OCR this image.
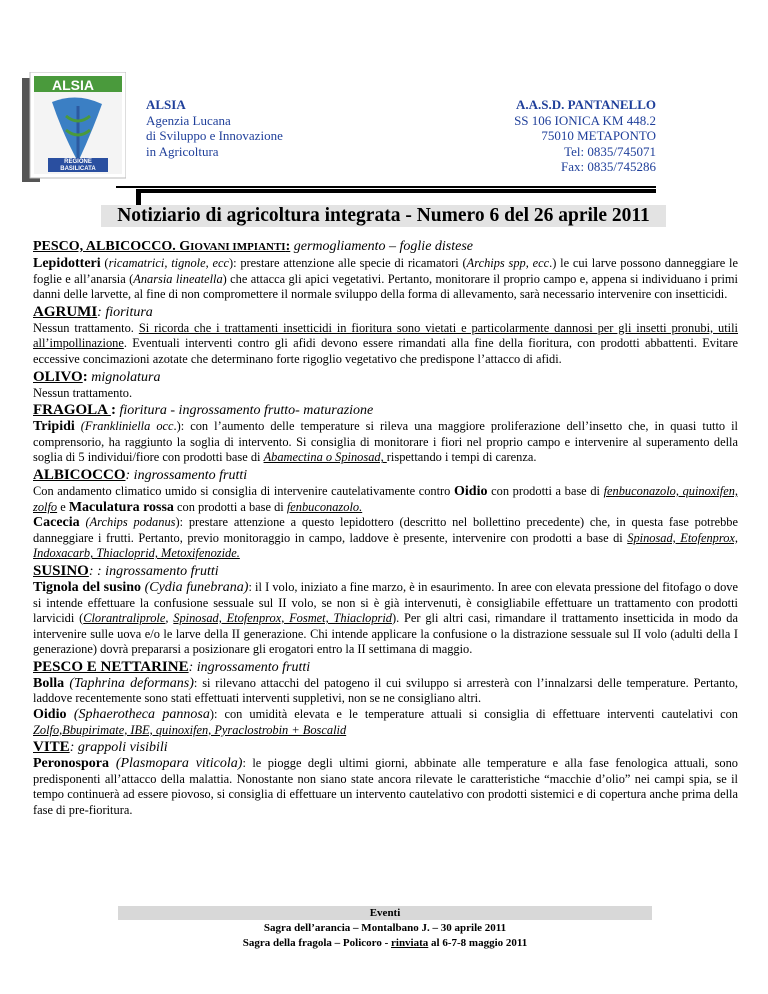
ALSIA
REGIONE BASILICATA
ALSIA
Agenzia Lucana
di Sviluppo e Innovazione
in Agricoltura
A.A.S.D. PANTANELLO
SS 106 IONICA KM 448.2
75010 METAPONTO
Tel: 0835/745071
Fax: 0835/745286
Notiziario di agricoltura integrata - Numero 6 del 26 aprile 2011

PESCO, ALBICOCCO. GIOVANI IMPIANTI: germogliamento – foglie distese

Lepidotteri (ricamatrici, tignole, ecc): prestare attenzione alle specie di ricamatori (Archips spp, ecc.) le cui larve possono danneggiare le foglie e all’anarsia (Anarsia lineatella) che attacca gli apici vegetativi. Pertanto, monitorare il proprio campo e, appena si individuano i primi danni delle larvette, al fine di non compromettere il normale sviluppo della forma di allevamento, sarà necessario intervenire con insetticidi.

AGRUMI: fioritura

Nessun trattamento. Si ricorda che i trattamenti insetticidi in fioritura sono vietati e particolarmente dannosi per gli insetti pronubi, utili all’impollinazione. Eventuali interventi contro gli afidi devono essere rimandati alla fine della fioritura, con prodotti abbattenti. Evitare eccessive concimazioni azotate che determinano forte rigoglio vegetativo che predispone l’attacco di afidi.

OLIVO: mignolatura

Nessun trattamento.

FRAGOLA : fioritura - ingrossamento frutto- maturazione

Tripidi (Frankliniella occ.): con l’aumento delle temperature si rileva una maggiore proliferazione dell’insetto che, in quasi tutto il comprensorio, ha raggiunto la soglia di intervento. Si consiglia di monitorare i fiori nel proprio campo e intervenire al superamento della soglia di 5 individui/fiore con prodotti base di Abamectina o Spinosad, rispettando i tempi di carenza.

ALBICOCCO: ingrossamento frutti

Con andamento climatico umido si consiglia di intervenire cautelativamente contro Oidio con prodotti a base di fenbuconazolo, quinoxifen, zolfo e Maculatura rossa con prodotti a base di fenbuconazolo.

Cacecia (Archips podanus): prestare attenzione a questo lepidottero (descritto nel bollettino precedente) che, in questa fase potrebbe danneggiare i frutti. Pertanto, previo monitoraggio in campo, laddove è presente, intervenire con prodotti a base di Spinosad, Etofenprox, Indoxacarb, Thiacloprid, Metoxifenozide.

SUSINO: : ingrossamento frutti

Tignola del susino (Cydia funebrana): il I volo, iniziato a fine marzo, è in esaurimento. In aree con elevata pressione del fitofago o dove si intende effettuare la confusione sessuale sul II volo, se non si è già intervenuti, è consigliabile effettuare un trattamento con prodotti larvicidi (Clorantraliprole, Spinosad, Etofenprox, Fosmet, Thiacloprid). Per gli altri casi, rimandare il trattamento insetticida in modo da intervenire sulle uova e/o le larve della II generazione. Chi intende applicare la confusione o la distrazione sessuale sul II volo (adulti della I generazione) dovrà prepararsi a posizionare gli erogatori entro la II settimana di maggio.

PESCO E NETTARINE: ingrossamento frutti

Bolla (Taphrina deformans): si rilevano attacchi del patogeno il cui sviluppo si arresterà con l’innalzarsi delle temperature. Pertanto, laddove recentemente sono stati effettuati interventi suppletivi, non se ne consigliano altri.

Oidio (Sphaerotheca pannosa): con umidità elevata e le temperature attuali si consiglia di effettuare interventi cautelativi con Zolfo,Bbupirimate, IBE, quinoxifen, Pyraclostrobin + Boscalid

VITE: grappoli visibili

Peronospora (Plasmopara viticola): le piogge degli ultimi giorni, abbinate alle temperature e alla fase fenologica attuali, sono predisponenti all’attacco della malattia. Nonostante non siano state ancora rilevate le caratteristiche “macchie d’olio” nei campi spia, se il tempo continuerà ad essere piovoso, si consiglia di effettuare un intervento cautelativo con prodotti sistemici e di copertura anche prima della fase di pre-fioritura.

Eventi
Sagra dell’arancia – Montalbano J. – 30 aprile 2011
Sagra della fragola – Policoro - rinviata al 6-7-8 maggio 2011
